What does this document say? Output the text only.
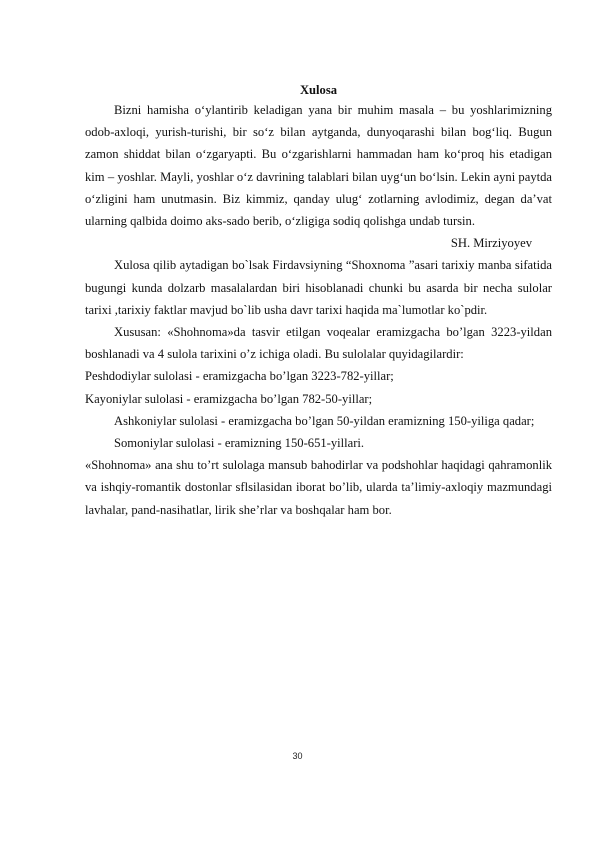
Xulosa

Bizni hamisha o‘ylantirib keladigan yana bir muhim masala – bu yoshlarimizning odob-axloqi, yurish-turishi, bir so‘z bilan aytganda, dunyoqarashi bilan bog‘liq. Bugun zamon shiddat bilan o‘zgaryapti. Bu o‘zgarishlarni hammadan ham ko‘proq his etadigan kim – yoshlar. Mayli, yoshlar o‘z davrining talablari bilan uyg‘un bo‘lsin. Lekin ayni paytda o‘zligini ham unutmasin. Biz kimmiz, qanday ulug‘ zotlarning avlodimiz, degan da’vat ularning qalbida doimo aks-sado berib, o‘zligiga sodiq qolishga undab tursin.

SH. Mirziyoyev

Xulosa qilib aytadigan bo`lsak Firdavsiyning “Shoxnoma ”asari tarixiy manba sifatida bugungi kunda dolzarb masalalardan biri hisoblanadi chunki bu asarda bir necha sulolar tarixi ,tarixiy faktlar mavjud bo`lib usha davr tarixi haqida ma`lumotlar ko`pdir.

Xususan: «Shohnoma»da tasvir etilgan voqealar eramizgacha bo’lgan 3223-yildan boshlanadi va 4 sulola tarixini o’z ichiga oladi. Bu sulolalar quyidagilardir:

Peshdodiylar sulolasi - eramizgacha bo’lgan 3223-782-yillar;

Kayoniylar sulolasi - eramizgacha bo’lgan 782-50-yillar;

Ashkoniylar sulolasi - eramizgacha bo’lgan 50-yildan eramizning 150-yiliga qadar;

Somoniylar sulolasi - eramizning 150-651-yillari.

«Shohnoma» ana shu to’rt sulolaga mansub bahodirlar va podshohlar haqidagi qahramonlik va ishqiy-romantik dostonlar sflsilasidan iborat bo’lib, ularda ta’limiy-axloqiy mazmundagi lavhalar, pand-nasihatlar, lirik she’rlar va boshqalar ham bor.

30
